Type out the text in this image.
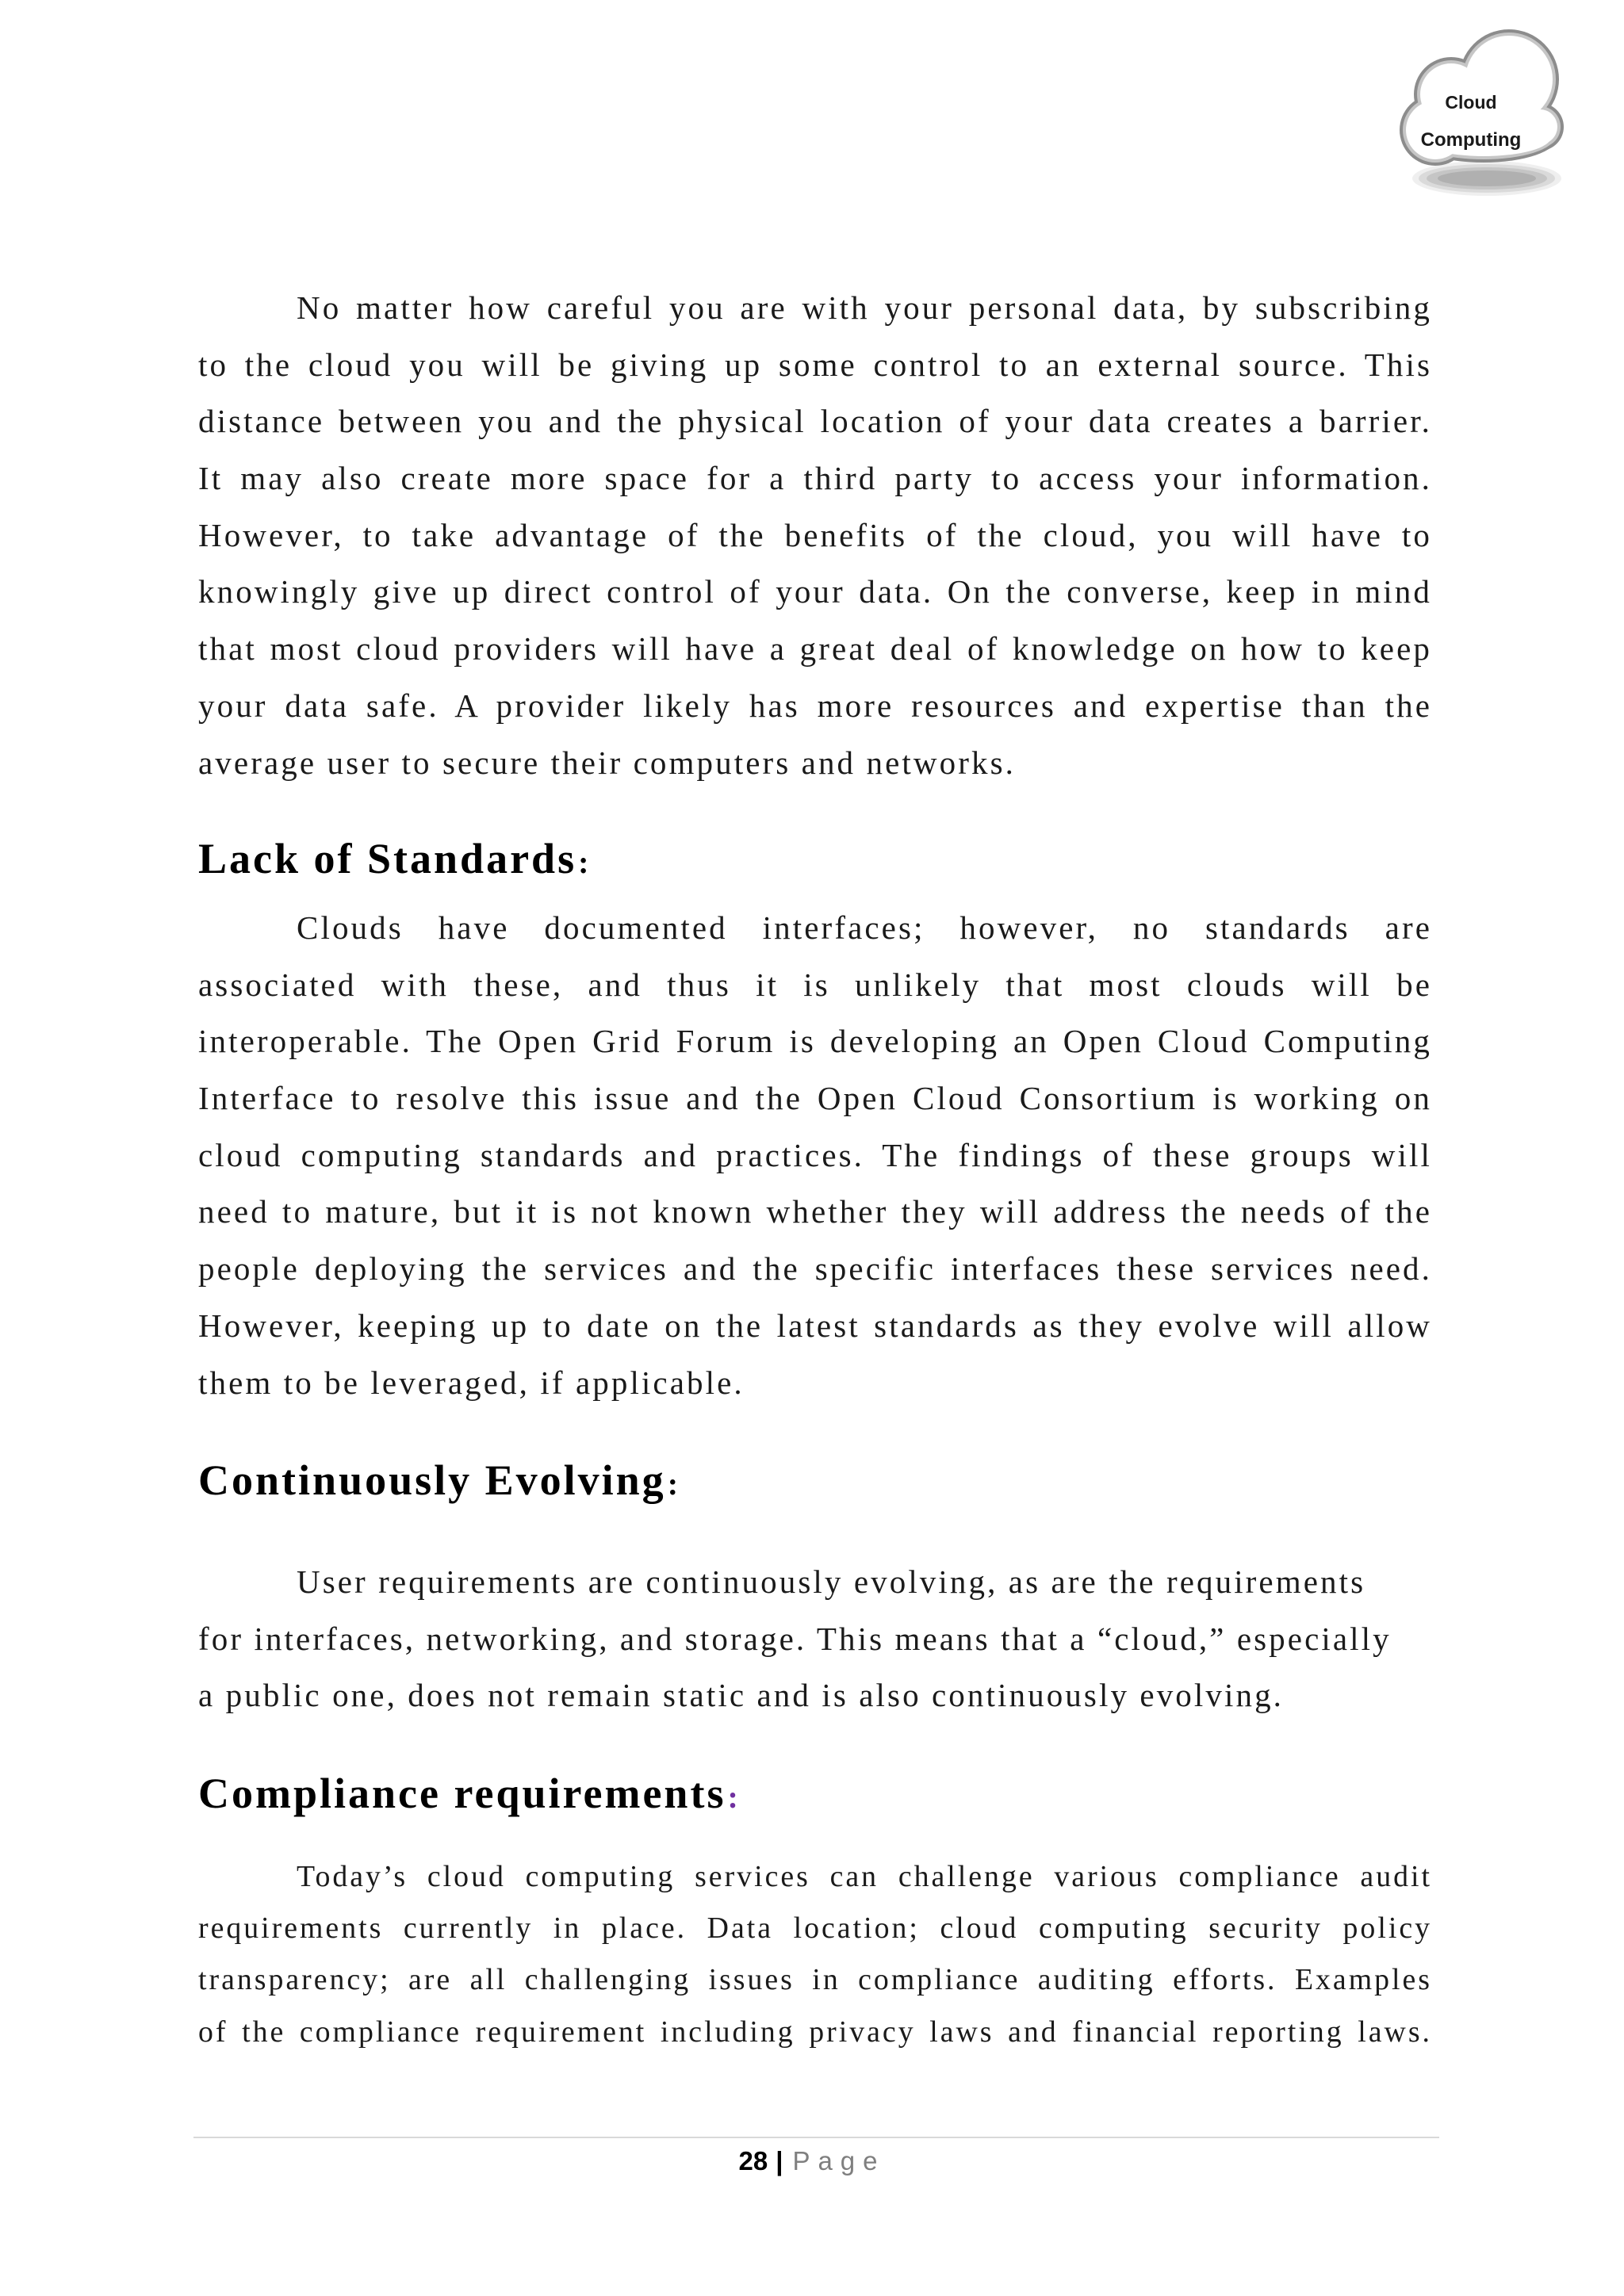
Cloud
Computing
No matter how careful you are with your personal data, by subscribing
to the cloud you will be giving up some control to an external source. This
distance between you and the physical location of your data creates a barrier.
It may also create more space for a third party to access your information.
However, to take advantage of the benefits of the cloud, you will have to
knowingly give up direct control of your data. On the converse, keep in mind
that most cloud providers will have a great deal of knowledge on how to keep
your data safe. A provider likely has more resources and expertise than the
average user to secure their computers and networks.
Lack of Standards:
Clouds have documented interfaces; however, no standards are
associated with these, and thus it is unlikely that most clouds will be
interoperable. The Open Grid Forum is developing an Open Cloud Computing
Interface to resolve this issue and the Open Cloud Consortium is working on
cloud computing standards and practices. The findings of these groups will
need to mature, but it is not known whether they will address the needs of the
people deploying the services and the specific interfaces these services need.
However, keeping up to date on the latest standards as they evolve will allow
them to be leveraged, if applicable.
Continuously Evolving:
User requirements are continuously evolving, as are the requirements
for interfaces, networking, and storage. This means that a “cloud,” especially
a public one, does not remain static and is also continuously evolving.
Compliance requirements:
Today’s cloud computing services can challenge various compliance audit
requirements currently in place. Data location; cloud computing security policy
transparency; are all challenging issues in compliance auditing efforts. Examples
of the compliance requirement including privacy laws and financial reporting laws.
28 | Page
